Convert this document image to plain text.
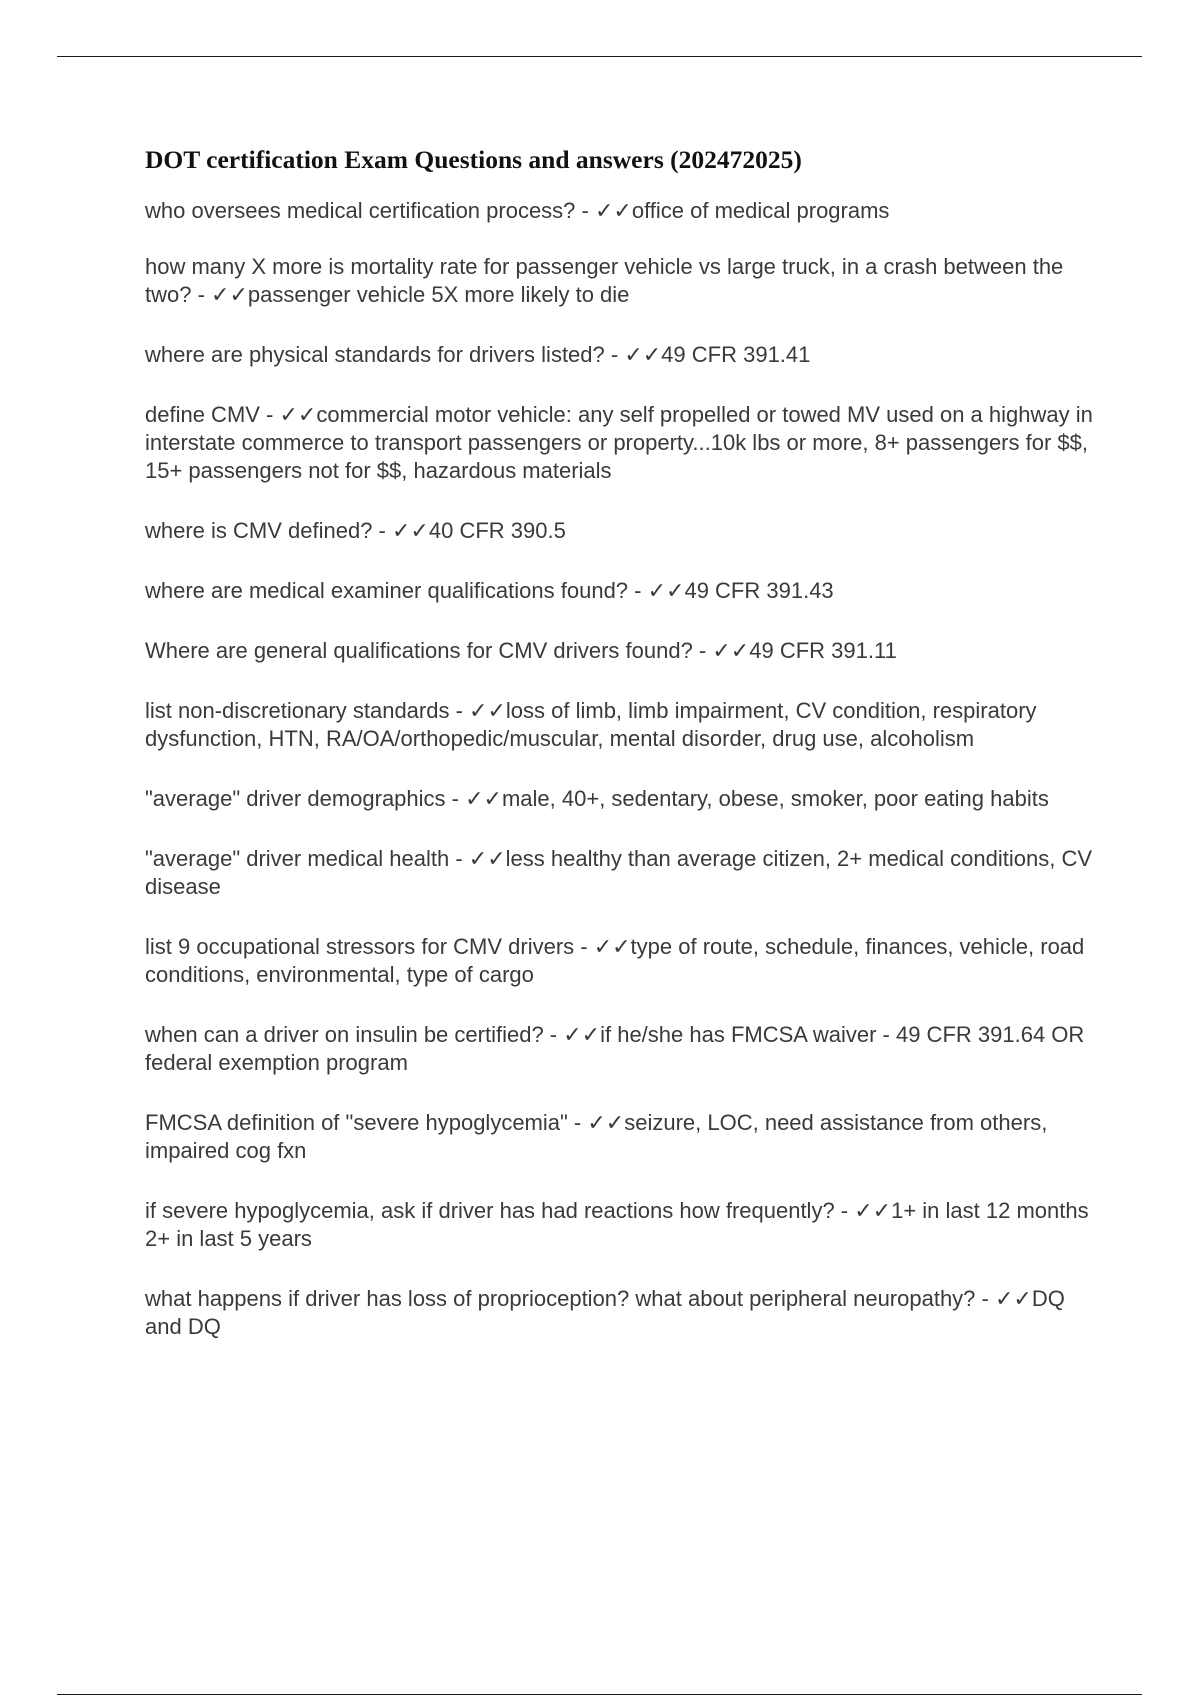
DOT certification Exam Questions and answers (202472025)

who oversees medical certification process? - ✓✓office of medical programs

how many X more is mortality rate for passenger vehicle vs large truck, in a crash between the two? - ✓✓passenger vehicle 5X more likely to die

where are physical standards for drivers listed? - ✓✓49 CFR 391.41

define CMV - ✓✓commercial motor vehicle: any self propelled or towed MV used on a highway in interstate commerce to transport passengers or property...10k lbs or more, 8+ passengers for $$, 15+ passengers not for $$, hazardous materials

where is CMV defined? - ✓✓40 CFR 390.5

where are medical examiner qualifications found? - ✓✓49 CFR 391.43

Where are general qualifications for CMV drivers found? - ✓✓49 CFR 391.11

list non-discretionary standards - ✓✓loss of limb, limb impairment, CV condition, respiratory dysfunction, HTN, RA/OA/orthopedic/muscular, mental disorder, drug use, alcoholism

"average" driver demographics - ✓✓male, 40+, sedentary, obese, smoker, poor eating habits

"average" driver medical health - ✓✓less healthy than average citizen, 2+ medical conditions, CV disease

list 9 occupational stressors for CMV drivers - ✓✓type of route, schedule, finances, vehicle, road conditions, environmental, type of cargo

when can a driver on insulin be certified? - ✓✓if he/she has FMCSA waiver - 49 CFR 391.64 OR federal exemption program

FMCSA definition of "severe hypoglycemia" - ✓✓seizure, LOC, need assistance from others, impaired cog fxn

if severe hypoglycemia, ask if driver has had reactions how frequently? - ✓✓1+ in last 12 months
2+ in last 5 years

what happens if driver has loss of proprioception? what about peripheral neuropathy? - ✓✓DQ and DQ
